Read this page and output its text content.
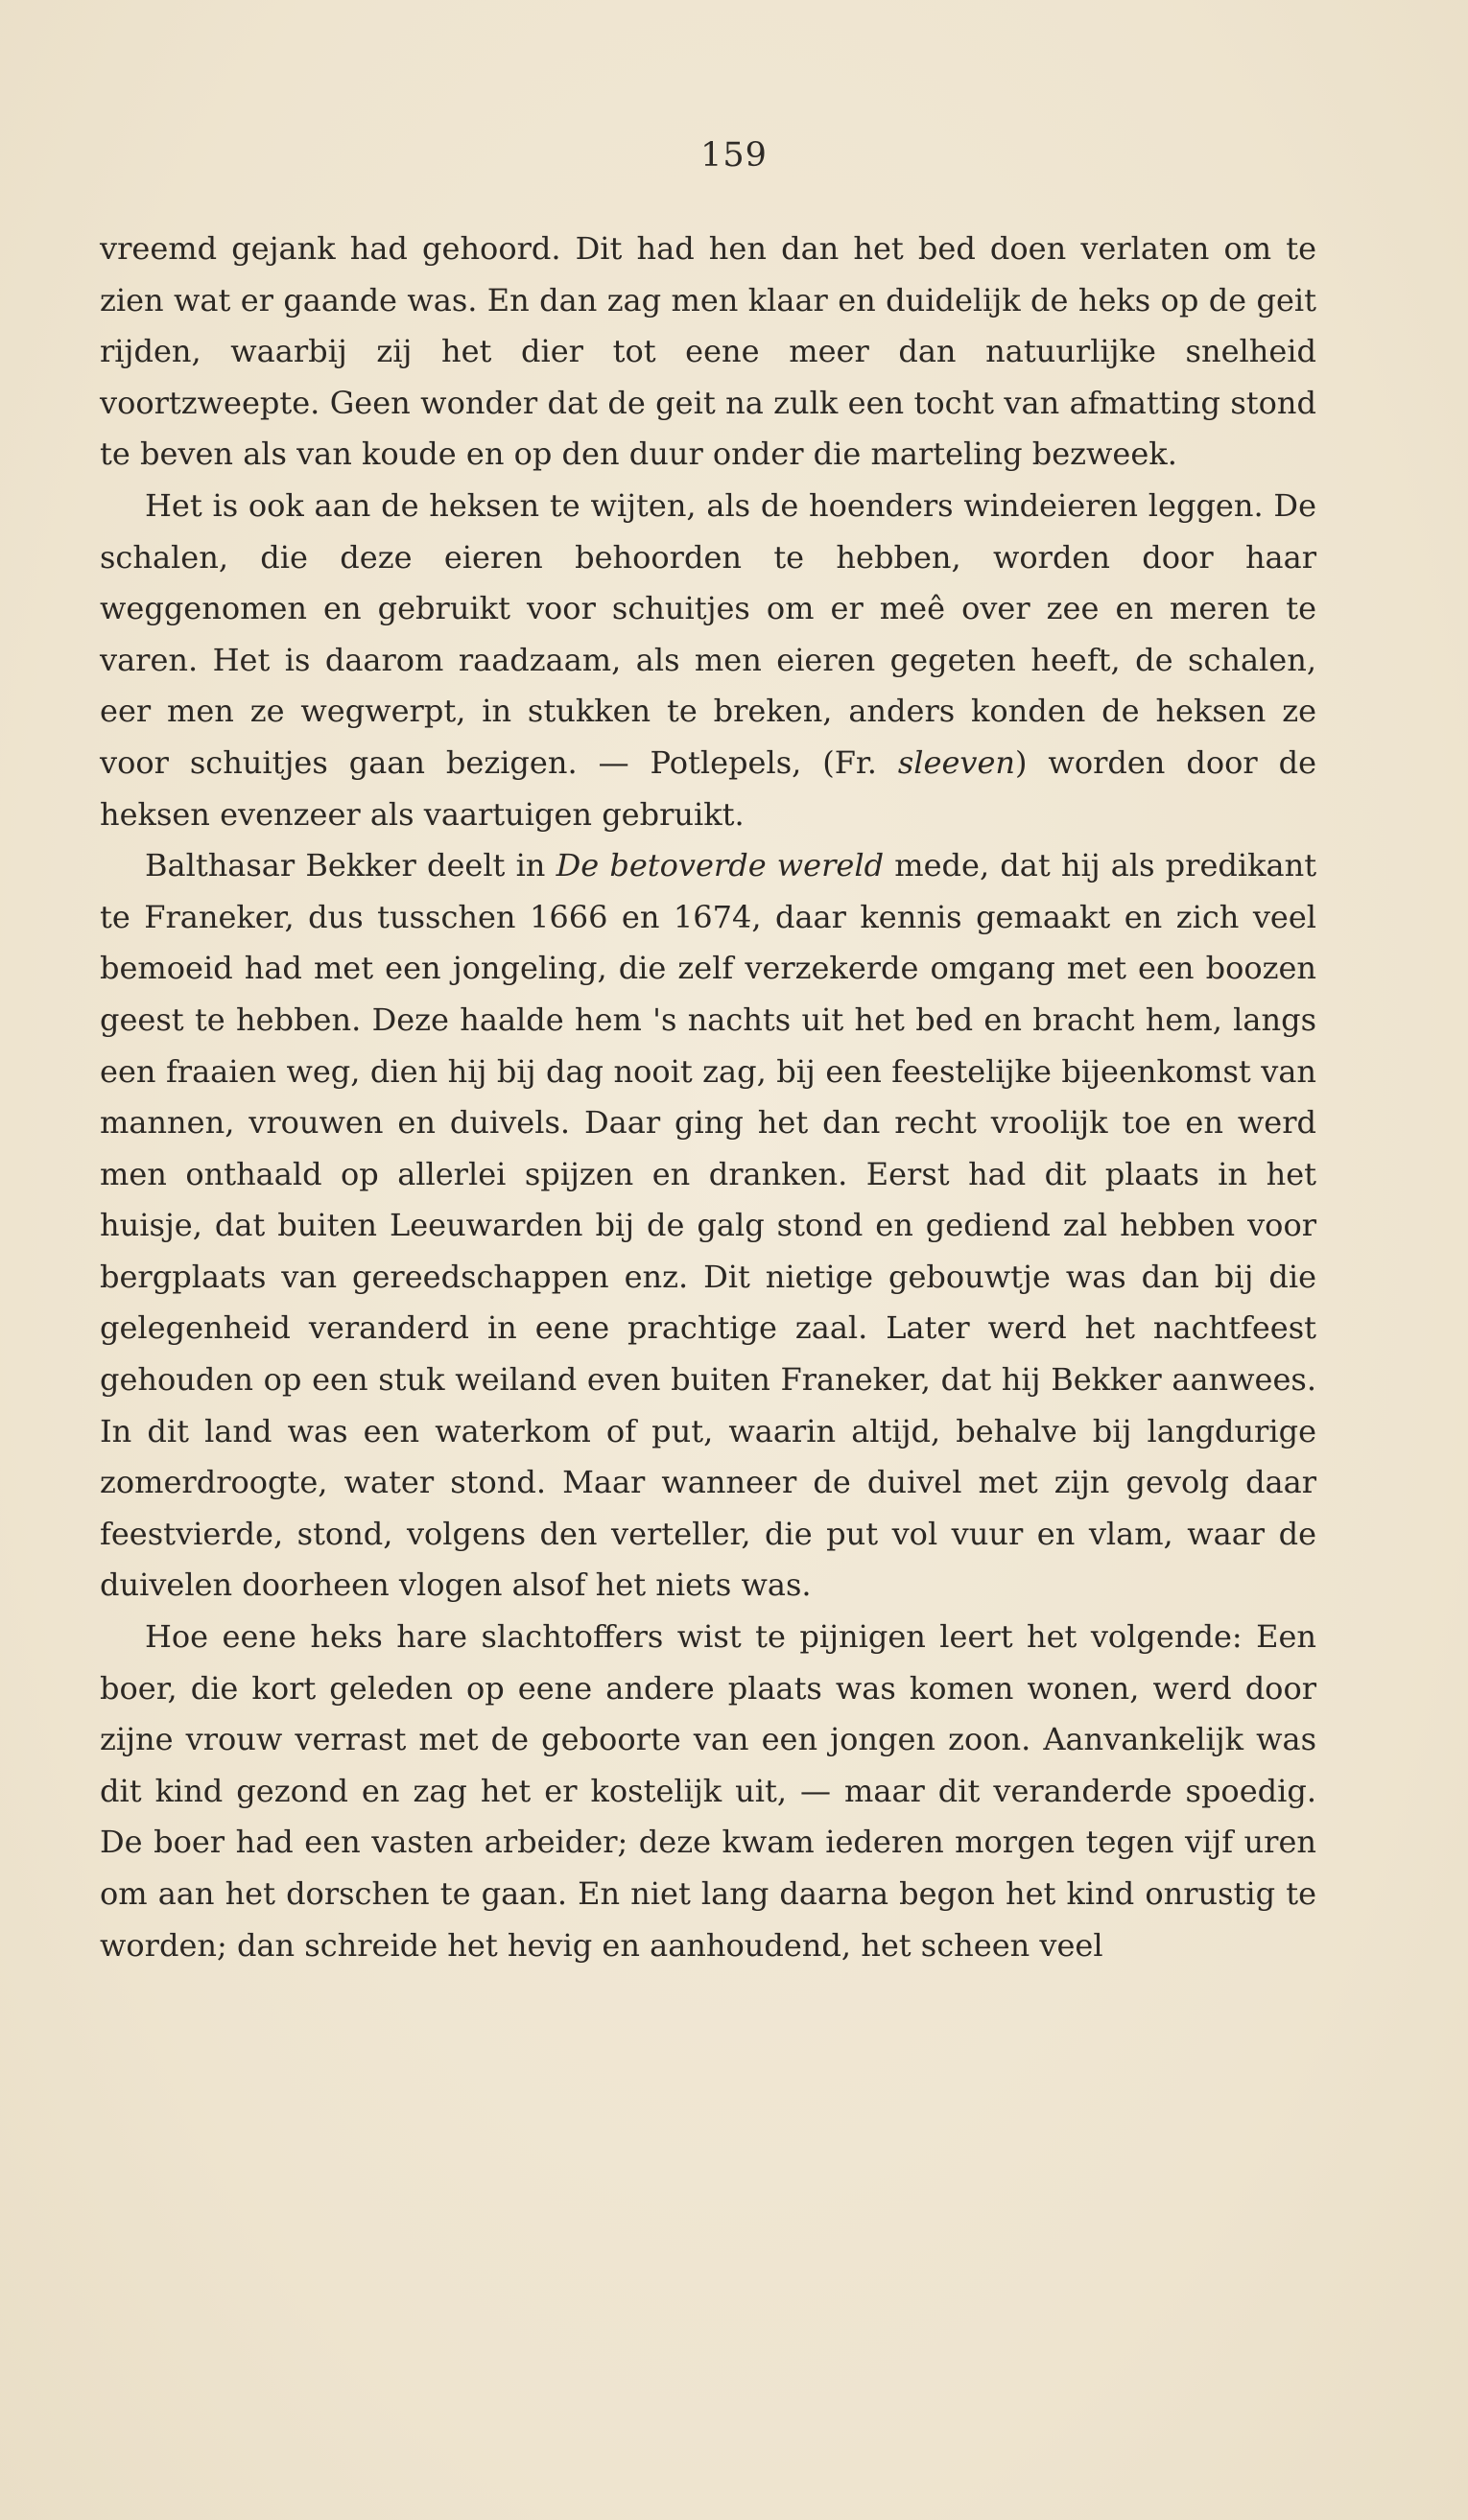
159

vreemd gejank had gehoord. Dit had hen dan het bed doen verlaten om te zien wat er gaande was. En dan zag men klaar en duidelijk de heks op de geit rijden, waarbij zij het dier tot eene meer dan natuurlijke snelheid voortzweepte. Geen wonder dat de geit na zulk een tocht van afmatting stond te beven als van koude en op den duur onder die marteling bezweek.

Het is ook aan de heksen te wijten, als de hoenders windeieren leggen. De schalen, die deze eieren behoorden te hebben, worden door haar weggenomen en gebruikt voor schuitjes om er meê over zee en meren te varen. Het is daarom raadzaam, als men eieren gegeten heeft, de schalen, eer men ze wegwerpt, in stukken te breken, anders konden de heksen ze voor schuitjes gaan bezigen. — Potlepels, (Fr. sleeven) worden door de heksen evenzeer als vaartuigen gebruikt.

Balthasar Bekker deelt in De betoverde wereld mede, dat hij als predikant te Franeker, dus tusschen 1666 en 1674, daar kennis gemaakt en zich veel bemoeid had met een jongeling, die zelf verzekerde omgang met een boozen geest te hebben. Deze haalde hem 's nachts uit het bed en bracht hem, langs een fraaien weg, dien hij bij dag nooit zag, bij een feestelijke bijeenkomst van mannen, vrouwen en duivels. Daar ging het dan recht vroolijk toe en werd men onthaald op allerlei spijzen en dranken. Eerst had dit plaats in het huisje, dat buiten Leeuwarden bij de galg stond en gediend zal hebben voor bergplaats van gereedschappen enz. Dit nietige gebouwtje was dan bij die gelegenheid veranderd in eene prachtige zaal. Later werd het nachtfeest gehouden op een stuk weiland even buiten Franeker, dat hij Bekker aanwees. In dit land was een waterkom of put, waarin altijd, behalve bij langdurige zomerdroogte, water stond. Maar wanneer de duivel met zijn gevolg daar feestvierde, stond, volgens den verteller, die put vol vuur en vlam, waar de duivelen doorheen vlogen alsof het niets was.

Hoe eene heks hare slachtoffers wist te pijnigen leert het volgende: Een boer, die kort geleden op eene andere plaats was komen wonen, werd door zijne vrouw verrast met de geboorte van een jongen zoon. Aanvankelijk was dit kind gezond en zag het er kostelijk uit, — maar dit veranderde spoedig. De boer had een vasten arbeider; deze kwam iederen morgen tegen vijf uren om aan het dorschen te gaan. En niet lang daarna begon het kind onrustig te worden; dan schreide het hevig en aanhoudend, het scheen veel
